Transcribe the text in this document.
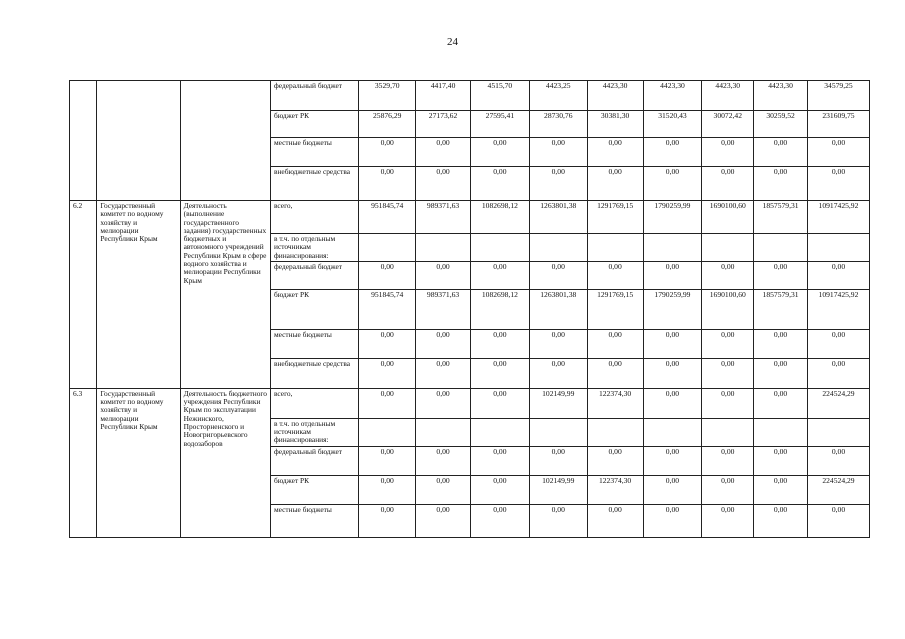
24
			федеральный бюджет	3529,70	4417,40	4515,70	4423,25	4423,30	4423,30	4423,30	4423,30	34579,25
			бюджет РК	25876,29	27173,62	27595,41	28730,76	30381,30	31520,43	30072,42	30259,52	231609,75
			местные бюджеты	0,00	0,00	0,00	0,00	0,00	0,00	0,00	0,00	0,00
			внебюджетные средства	0,00	0,00	0,00	0,00	0,00	0,00	0,00	0,00	0,00
6.2	Государственный комитет по водному хозяйству и мелиорации Республики Крым	Деятельность (выполнение государственного задания) государственных бюджетных и автономного учреждений Республики Крым в сфере водного хозяйства и мелиорации Республики Крым	всего,	951845,74	989371,63	1082698,12	1263801,38	1291769,15	1790259,99	1690100,60	1857579,31	10917425,92
			в т.ч. по отдельным источникам финансирования:									
			федеральный бюджет	0,00	0,00	0,00	0,00	0,00	0,00	0,00	0,00	0,00
			бюджет РК	951845,74	989371,63	1082698,12	1263801,38	1291769,15	1790259,99	1690100,60	1857579,31	10917425,92
			местные бюджеты	0,00	0,00	0,00	0,00	0,00	0,00	0,00	0,00	0,00
			внебюджетные средства	0,00	0,00	0,00	0,00	0,00	0,00	0,00	0,00	0,00
6.3	Государственный комитет по водному хозяйству и мелиорации Республики Крым	Деятельность бюджетного учреждения Республики Крым по эксплуатации Нежинского, Просторненского и Новогригорьевского водозаборов	всего,	0,00	0,00	0,00	102149,99	122374,30	0,00	0,00	0,00	224524,29
			в т.ч. по отдельным источникам финансирования:									
			федеральный бюджет	0,00	0,00	0,00	0,00	0,00	0,00	0,00	0,00	0,00
			бюджет РК	0,00	0,00	0,00	102149,99	122374,30	0,00	0,00	0,00	224524,29
			местные бюджеты	0,00	0,00	0,00	0,00	0,00	0,00	0,00	0,00	0,00
